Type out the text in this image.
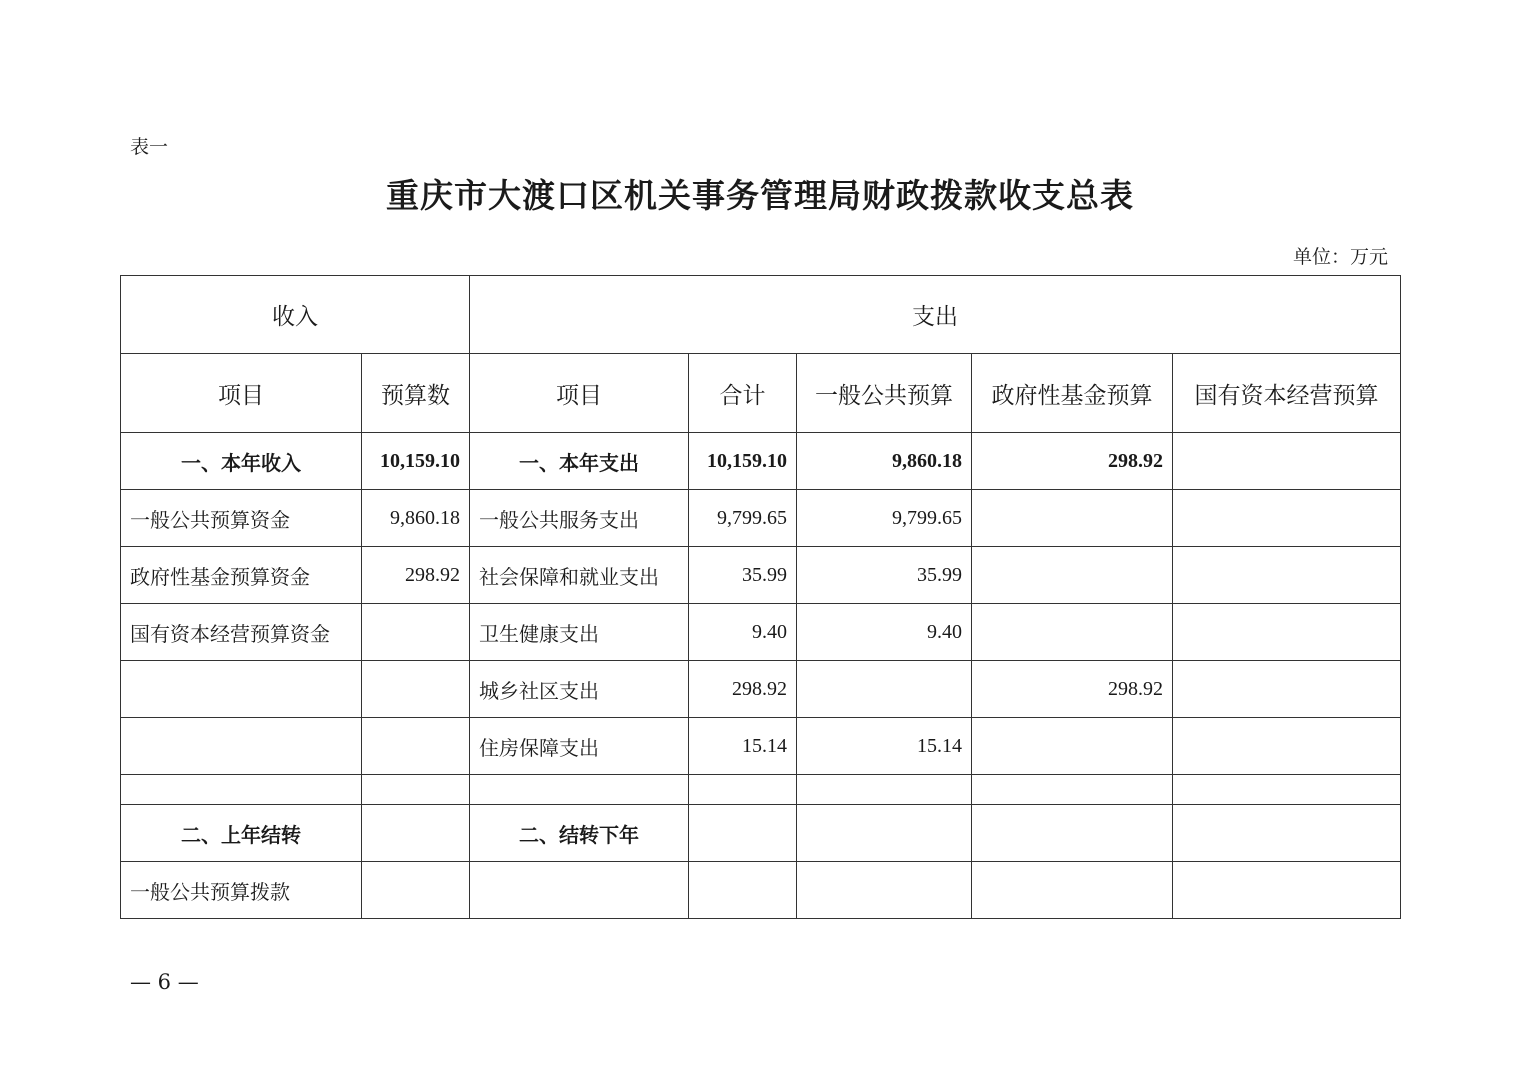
表一
重庆市大渡口区机关事务管理局财政拨款收支总表
单位：万元
收入		支出				
项目	预算数	项目	合计	一般公共预算	政府性基金预算	国有资本经营预算
一、本年收入	10,159.10	一、本年支出	10,159.10	9,860.18	298.92	
一般公共预算资金	9,860.18	一般公共服务支出	9,799.65	9,799.65		
政府性基金预算资金	298.92	社会保障和就业支出	35.99	35.99		
国有资本经营预算资金		卫生健康支出	9.40	9.40		
		城乡社区支出	298.92		298.92	
		住房保障支出	15.14	15.14		

二、上年结转		二、结转下年				
一般公共预算拨款						
— 6 —
